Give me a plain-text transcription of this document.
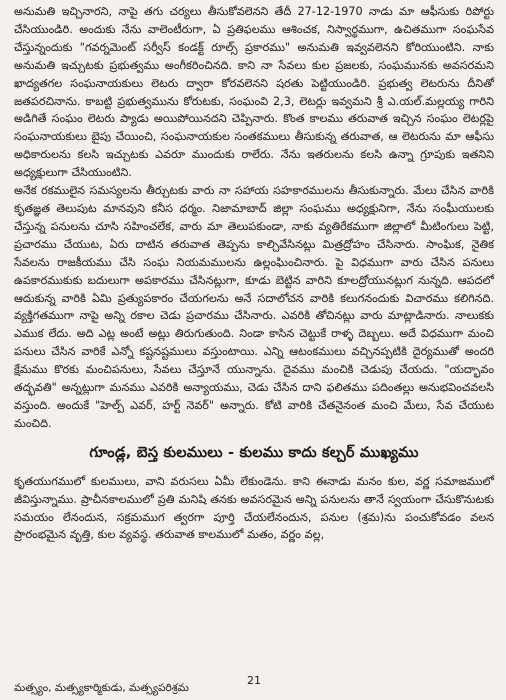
అనుమతి ఇచ్చినారని, నాపై తగు చర్యలు తీసుకోవలెనని తేదీ 27-12-1970 నాడు మా ఆఫీసుకు రిపోర్టు చేసియుండిరి. అందుకు నేను వాలెంటీరుగా, ఏ ప్రతిఫలము ఆశించక, నిస్వార్థముగా, ఉచితముగా సంఘసేవ చేస్తున్నందుకు "గవర్నమెంట్ సర్వీస్ కండక్ట్ రూల్స్ ప్రకారము" అనుమతి ఇవ్వవలెనని కోరియుంటిని. నాకు అనుమతి ఇచ్చుటకు ప్రభుత్వము అంగీకరించినది. కాని నా సేవలు కుల ప్రజలకు, సంఘమునకు అవసరమని ఖాద్యతగల సంఘనాయకులు లెటరు ద్వారా కోరవలెనని షరతు పెట్టియుండిరి. ప్రభుత్వ లెటరును దీనితో జతపరచినాను. కాబట్టి ప్రభుత్వమును కోరుటకు, సంఘంవి 2,3, లెటర్లు ఇవ్వమని శ్రీ ఎ.యల్.మల్లయ్య గారిని అడిగితే సంఘం లెటరు ప్యాడు అయిపోయినదని చెప్పినారు. కొంత కాలము తరువాత ఇచ్చిన సంఘం లెటర్లపై సంఘనాయకులు బైపు చేయించి, సంఘనాయకుల సంతకములు తీసుకున్న తరువాత, ఆ లెటరును మా ఆఫీసు అధికారులను కలసి ఇచ్చుటకు ఎవరూ ముందుకు రాలేరు. నేను ఇతరులను కలసి ఉన్నా గ్రూపుకు ఇతనిని అధ్యక్షులుగా చేసియుంటిని.

అనేక రకములైన సమస్యలను తీర్చుటకు వారు నా సహాయ సహకారములను తీసుకున్నారు. మేలు చేసిన వారికి కృతజ్ఞత తెలుపుట మానవుని కనీస ధర్మం. నిజామాబాద్ జిల్లా సంఘము అధ్యక్షునిగా, నేను సంఘీయులకు చేస్తున్న పనులను చూసి సహించలేక, వారు మా తెలుపకుండా, నాకు వ్యతిరేకముగా జిల్లాలో మీటింగులు పెట్టి, ప్రచారము చేయుట, ఏరు దాటిన తరువాత తెప్పను కాల్చివేసినట్లు మిత్రద్రోహం చేసినారు. సాంఘిక, నైతిక సేవలను రాజకీయము చేసి సంఘ నియమములను ఉల్లంఘించినారు. పై విధముగా వారు చేసిన పనులు ఉపకారముకుకు బదులుగా అపకారము చేసినట్లుగా, కూడు బెట్టిన వారిని కూలద్రోయునట్లుగ నున్నది. ఆపదలో ఆదుకున్న వారికి ఏమి ప్రత్యుపకారం చేయగలను అనే సదాలోచన వారికి కలుగనందుకు విచారము కలిగినది. వ్యక్తిగతముగా నాపై అన్ని రకాల చెడు ప్రచారము చేసినారు. ఎవరికి తోచినట్లు వారు మాట్లాడినారు. నాలుకకు ఎముక లేదు. అది ఎట్ల అంటే అట్లు తిరుగుతుంది. నిండా కాసిన చెట్టుకే రాళ్ళ దెబ్బలు. అదే విధముగా మంచి పనులు చేసిన వారికే ఎన్నో కష్టనష్టములు వస్తుంటాయి. ఎన్ని ఆటంకములు వచ్చినప్పటికి దైర్యముతో అందరి క్షేమము కొరకు మంచిపనులు, సేవలు చేస్తూనే యున్నాను. దైవము మంచికి చెడుపు చేయదు. "యద్భావం తద్భవతి" అన్నట్లుగా మనము ఎవరికి అన్యాయము, చెడు చేసిన దాని ఫలితము పదింతల్లు అనుభవించవలసి వస్తుంది. అందుకే "హెల్ప్ ఎవర్, హర్ట్ నెవర్" అన్నారు. కోటి వారికి చేతనైనంత మంచి మేలు, సేవ చేయుట మంచిది.

గూండ్ల, బెస్త కులములు - కులము కాదు కల్చర్ ముఖ్యము

కృతయుగములో కులములు, వాని వరుసలు ఏమీ లేకుండెను. కాని ఈనాడు మనం కుల, వర్ణ సమాజములో జీవిస్తున్నాము. ప్రాచీనకాలములో ప్రతి మనిషి తనకు అవసరమైన అన్ని పనులను తానే స్వయంగా చేసుకొనుటకు సమయం లేనందున, సక్రమముగ త్వరగా పూర్తి చేయలేనందున, పనుల (శ్రమ)ను పంచుకోవడం వలన ప్రారంభమైన వృత్తి, కుల వ్యవస్థ. తరువాత కాలములో మతం, వర్ణం వల్ల,

21
మత్స్యం, మత్స్యకార్మికుడు, మత్స్యపరిశ్రమ
